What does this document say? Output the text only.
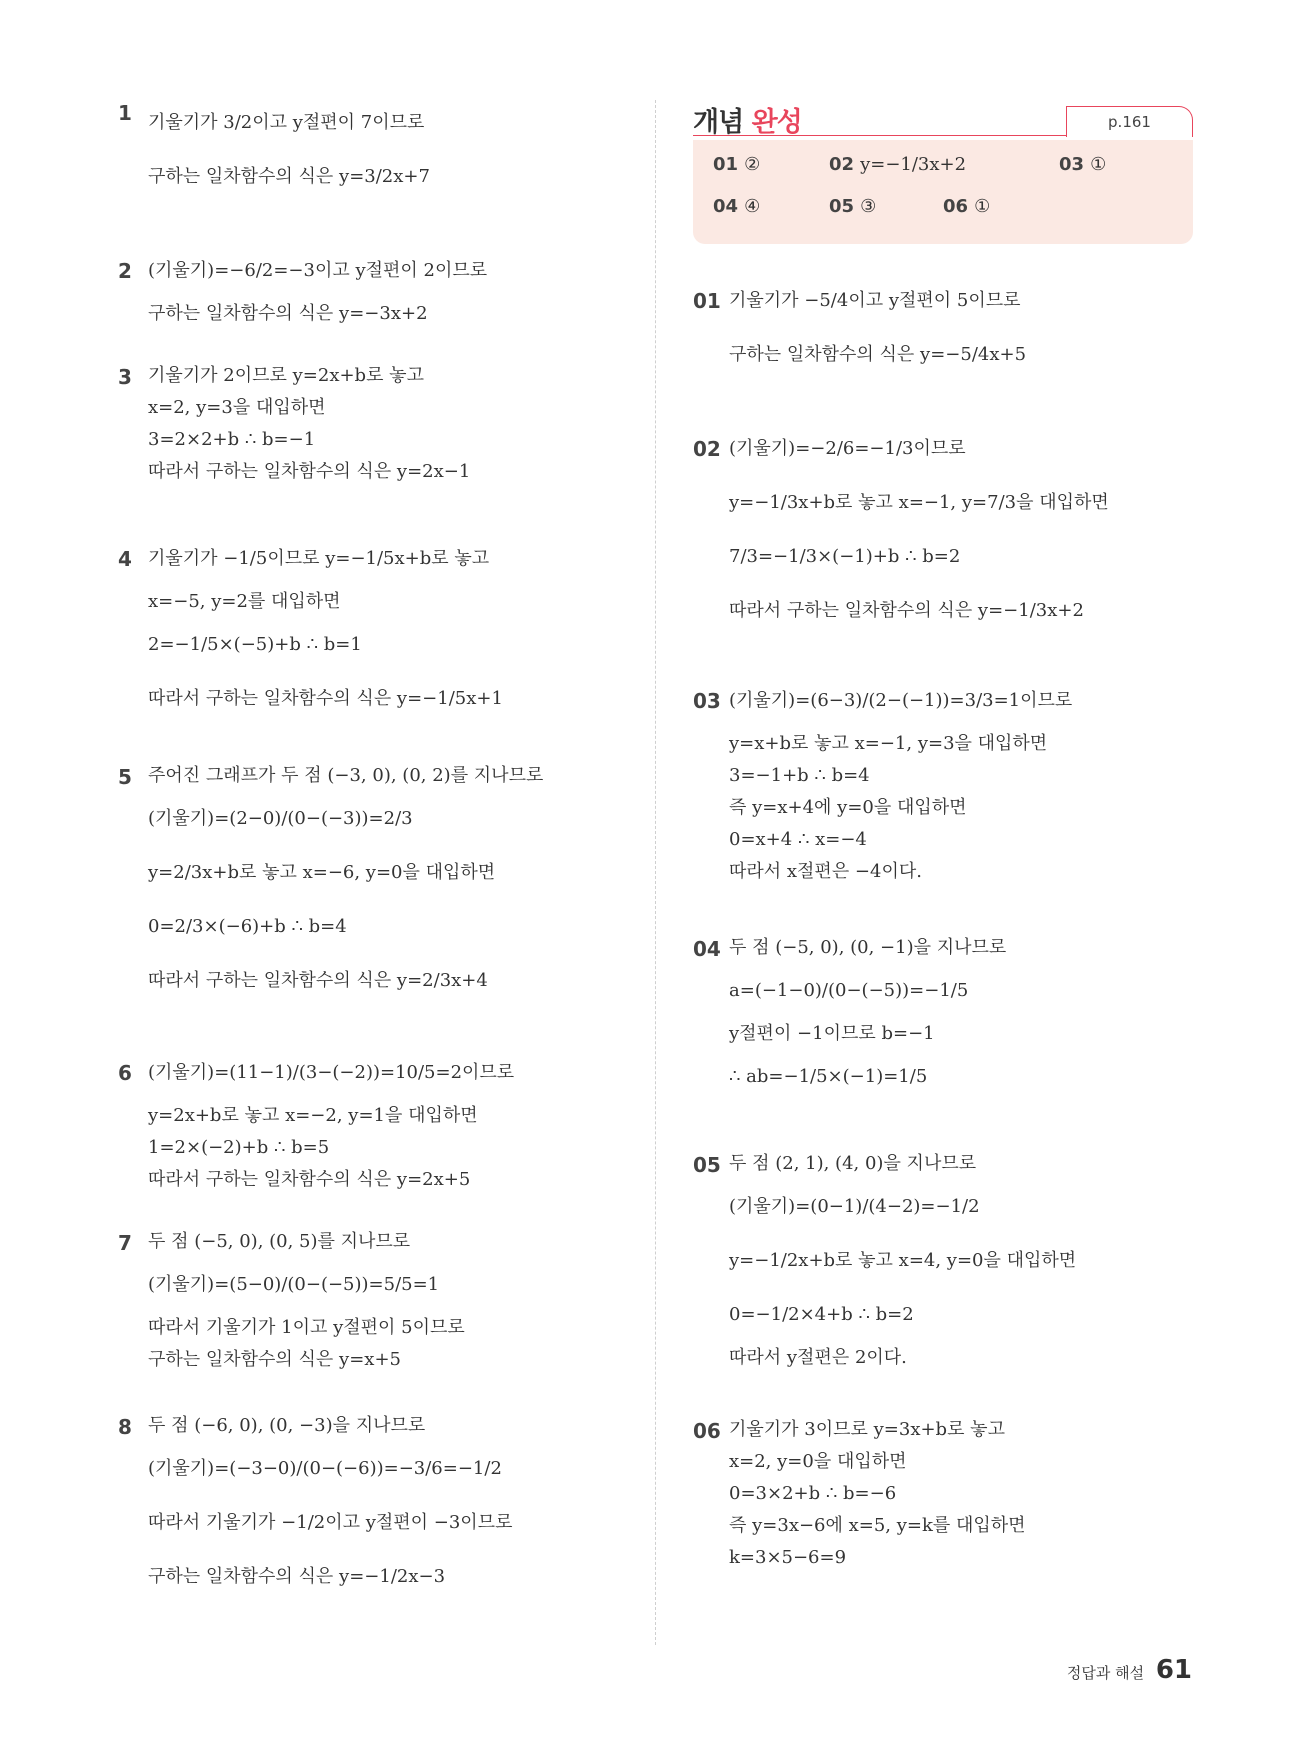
1 기울기가 3/2이고 y절편이 7이므로
구하는 일차함수의 식은 y=3/2x+7
2 (기울기)=−6/2=−3이고 y절편이 2이므로
구하는 일차함수의 식은 y=−3x+2
3 기울기가 2이므로 y=2x+b로 놓고
x=2, y=3을 대입하면
3=2×2+b ∴ b=−1
따라서 구하는 일차함수의 식은 y=2x−1
4 기울기가 −1/5이므로 y=−1/5x+b로 놓고
x=−5, y=2를 대입하면
2=−1/5×(−5)+b ∴ b=1
따라서 구하는 일차함수의 식은 y=−1/5x+1
5 주어진 그래프가 두 점 (−3, 0), (0, 2)를 지나므로
(기울기)=(2−0)/(0−(−3))=2/3
y=2/3x+b로 놓고 x=−6, y=0을 대입하면
0=2/3×(−6)+b ∴ b=4
따라서 구하는 일차함수의 식은 y=2/3x+4
6 (기울기)=(11−1)/(3−(−2))=10/5=2이므로
y=2x+b로 놓고 x=−2, y=1을 대입하면
1=2×(−2)+b ∴ b=5
따라서 구하는 일차함수의 식은 y=2x+5
7 두 점 (−5, 0), (0, 5)를 지나므로
(기울기)=(5−0)/(0−(−5))=5/5=1
따라서 기울기가 1이고 y절편이 5이므로
구하는 일차함수의 식은 y=x+5
8 두 점 (−6, 0), (0, −3)을 지나므로
(기울기)=(−3−0)/(0−(−6))=−3/6=−1/2
따라서 기울기가 −1/2이고 y절편이 −3이므로
구하는 일차함수의 식은 y=−1/2x−3
개념 완성	p.161
01 ②	02 y=−1/3x+2	03 ①
04 ④	05 ③	06 ①
01 기울기가 −5/4이고 y절편이 5이므로
구하는 일차함수의 식은 y=−5/4x+5
02 (기울기)=−2/6=−1/3이므로
y=−1/3x+b로 놓고 x=−1, y=7/3을 대입하면
7/3=−1/3×(−1)+b ∴ b=2
따라서 구하는 일차함수의 식은 y=−1/3x+2
03 (기울기)=(6−3)/(2−(−1))=3/3=1이므로
y=x+b로 놓고 x=−1, y=3을 대입하면
3=−1+b ∴ b=4
즉 y=x+4에 y=0을 대입하면
0=x+4 ∴ x=−4
따라서 x절편은 −4이다.
04 두 점 (−5, 0), (0, −1)을 지나므로
a=(−1−0)/(0−(−5))=−1/5
y절편이 −1이므로 b=−1
∴ ab=−1/5×(−1)=1/5
05 두 점 (2, 1), (4, 0)을 지나므로
(기울기)=(0−1)/(4−2)=−1/2
y=−1/2x+b로 놓고 x=4, y=0을 대입하면
0=−1/2×4+b ∴ b=2
따라서 y절편은 2이다.
06 기울기가 3이므로 y=3x+b로 놓고
x=2, y=0을 대입하면
0=3×2+b ∴ b=−6
즉 y=3x−6에 x=5, y=k를 대입하면
k=3×5−6=9
정답과 해설 61
